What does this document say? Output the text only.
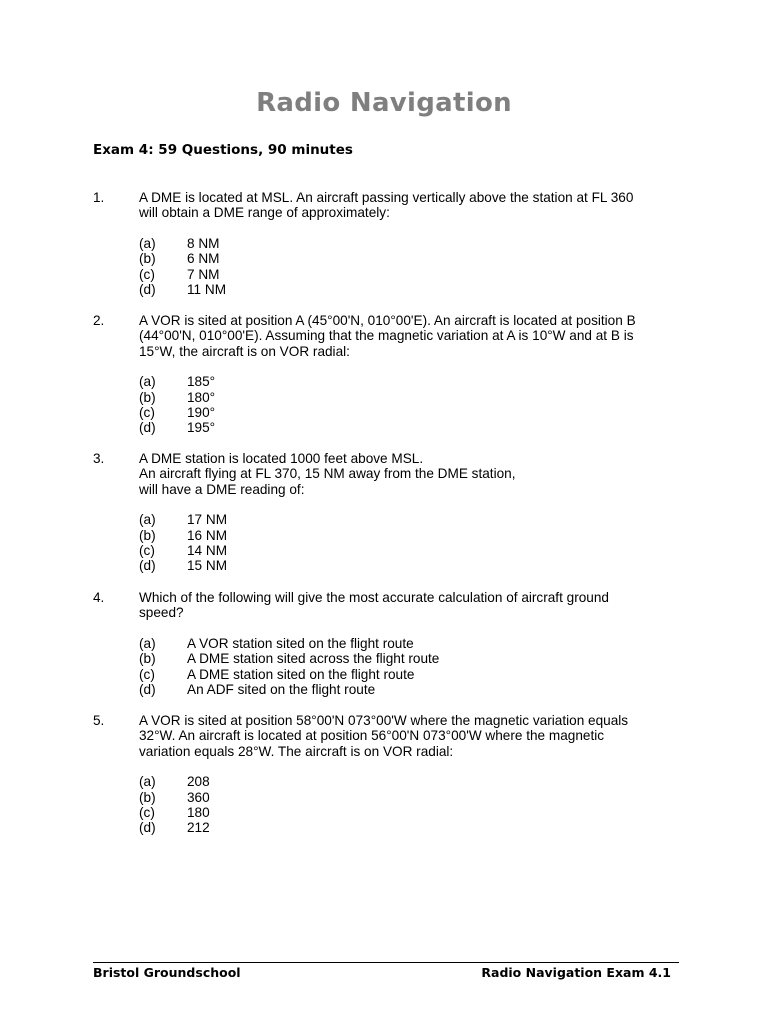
Radio Navigation
Exam 4: 59 Questions, 90 minutes
1.	A DME is located at MSL. An aircraft passing vertically above the station at FL 360
will obtain a DME range of approximately:
(a)	8 NM
(b)	6 NM
(c)	7 NM
(d)	11 NM
2.	A VOR is sited at position A (45°00'N, 010°00'E). An aircraft is located at position B
(44°00'N, 010°00'E). Assuming that the magnetic variation at A is 10°W and at B is
15°W, the aircraft is on VOR radial:
(a)	185°
(b)	180°
(c)	190°
(d)	195°
3.	A DME station is located 1000 feet above MSL.
An aircraft flying at FL 370, 15 NM away from the DME station,
will have a DME reading of:
(a)	17 NM
(b)	16 NM
(c)	14 NM
(d)	15 NM
4.	Which of the following will give the most accurate calculation of aircraft ground
speed?
(a)	A VOR station sited on the flight route
(b)	A DME station sited across the flight route
(c)	A DME station sited on the flight route
(d)	An ADF sited on the flight route
5.	A VOR is sited at position 58°00'N 073°00'W where the magnetic variation equals
32°W. An aircraft is located at position 56°00'N 073°00'W where the magnetic
variation equals 28°W. The aircraft is on VOR radial:
(a)	208
(b)	360
(c)	180
(d)	212
Bristol Groundschool	Radio Navigation Exam 4.1
